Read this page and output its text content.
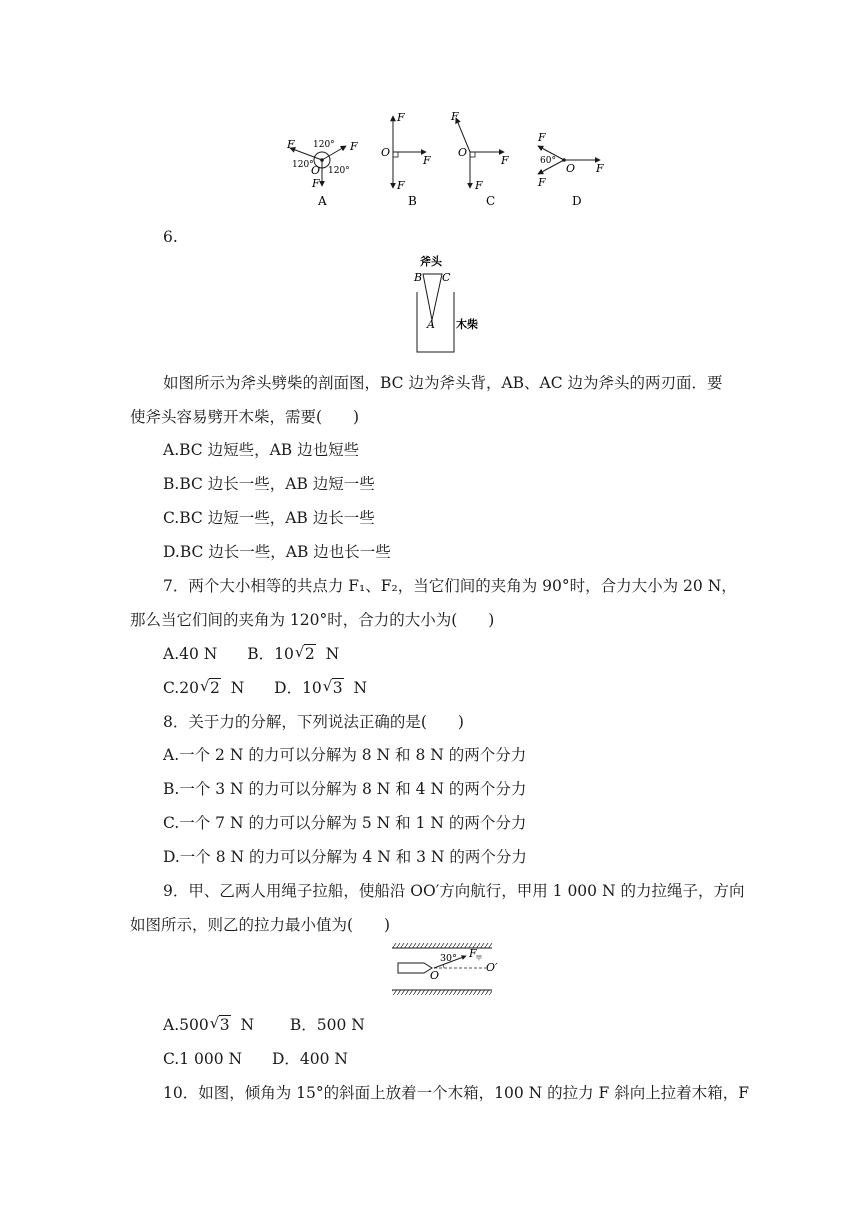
F	F
F
120°
120°
120°
O
A
F
F
F
O
B
F
F
F
O
C
F
F
F
60°
O
D
6.
斧头
B C
A 木柴
如图所示为斧头劈柴的剖面图，BC 边为斧头背，AB、AC 边为斧头的两刃面．要
使斧头容易劈开木柴，需要(　　)
A.BC 边短些，AB 边也短些
B.BC 边长一些，AB 边短一些
C.BC 边短一些，AB 边长一些
D.BC 边长一些，AB 边也长一些
7．两个大小相等的共点力 F₁、F₂，当它们间的夹角为 90°时，合力大小为 20 N，
那么当它们间的夹角为 120°时，合力的大小为(　　)
A.40 N B．10 √ 2 N
C.20 √ 2 N D．10 √ 3 N
8．关于力的分解，下列说法正确的是(　　)
A.一个 2 N 的力可以分解为 8 N 和 8 N 的两个分力
B.一个 3 N 的力可以分解为 8 N 和 4 N 的两个分力
C.一个 7 N 的力可以分解为 5 N 和 1 N 的两个分力
D.一个 8 N 的力可以分解为 4 N 和 3 N 的两个分力
9．甲、乙两人用绳子拉船，使船沿 OO′方向航行，甲用 1 000 N 的力拉绳子，方向
如图所示，则乙的拉力最小值为(　　)
30° F 甲
O
O′
A.500 √ 3 N B．500 N
C.1 000 N D．400 N
10．如图，倾角为 15°的斜面上放着一个木箱，100 N 的拉力 F 斜向上拉着木箱，F
